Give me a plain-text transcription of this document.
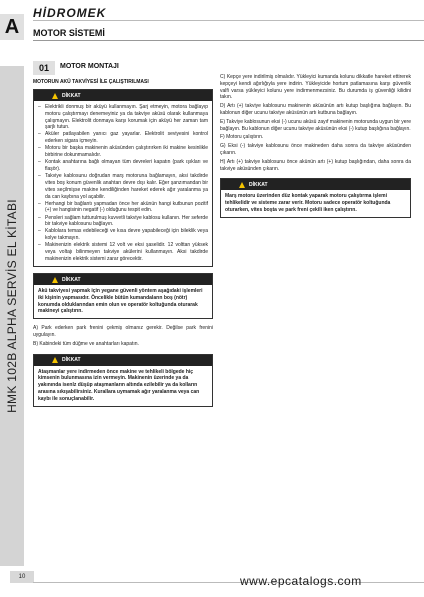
HİDROMEK
A	MOTOR SİSTEMİ
HMK 102B ALPHA SERVİS EL KİTABI
01	MOTOR MONTAJI
MOTORUN AKÜ TAKVİYESİ İLE ÇALIŞTIRILMASI
DİKKAT
– Elektrikli donmuş bir aküyü kullanmayın. Şarj etmeyin, motora bağlayıp motoru çalıştırmayı denemeyiniz ya da takviye aküsü olarak kullanmaya çalışmayın. Elektrolit donmaya karşı korumak için aküyü her zaman tam şarjlı tutun.
– Aküler patlayabilen yanıcı gaz yayarlar. Elektrolit seviyesini kontrol ederken sigara içmeyin.
– Motoru bir başka makinenin aküsünden çalıştırırken iki makine kesinlikle birbirine dokunmamalıdır.
– Kontak anahtarına bağlı olmayan tüm devreleri kapatın (park ışıkları ve flaşör).
– Takviye kablosunu doğrudan marş motoruna bağlamayın, aksi takdirde vites boş konum güvenlik anahtarı devre dışı kalır. Eğer şanzımandan bir vites seçilmişse makine kendiliğinden hareket ederek ağır yaralanma ya da can kaybına yol açabilir.
– Herhangi bir bağlantı yapmadan önce her akünün hangi kutbunun pozitif (+) ve hangisinin negatif (-) olduğunu tespit edin.
– Pensleri sağlam tutturulmuş kuvvetli takviye kablosu kullanın. Her seferde bir takviye kablosunu bağlayın.
– Kablolara temas edebileceği ve kısa devre yapabileceği için bileklik veya kolye takmayın.
– Makinenizin elektrik sistemi 12 volt ve eksi şaselidir. 12 volttan yüksek veya voltajı bilinmeyen takviye akülerini kullanmayın. Aksi takdirde makinenizin elektrik sistemi zarar görecektir.
DİKKAT
Akü takviyesi yapmak için yegane güvenli yöntem aşağıdaki işlemleri iki kişinin yapmasıdır. Öncelikle bütün kumandaların boş (nötr) konumda olduklarından emin olun ve operatör koltuğunda oturarak makineyi çalıştırın.
A) Park ederken park frenini çekmiş olmanız gerekir. Değilse park frenini uygulayın.
B) Kabindeki tüm düğme ve anahtarları kapatın.
DİKKAT
Ataşmanlar yere indirmeden önce makine ve tehlikeli bölgede hiç kimsenin bulunmasına izin vermeyin. Makinenin üzerinde ya da yakınında isenlz düşüp ataşmanların altında ezilebilir ya da kolların arasına sıkışabilirsiniz. Kurallara uymamak ağır yaralanma veya can kaybı ile sonuçlanabilir.
C) Kepçe yere indirilmiş olmalıdır. Yükleyici kumanda kolunu dikkatle hareket ettirerek kepçeyi kendi ağırlığıyla yere indirin. Yükleyicide hortum patlamasına karşı güvenlik valfi varsa yükleyici kolunu yere indirmenmezsiniz. Bu durumda iş güvenliği kilidini takın.
D) Artı (+) takviye kablosunu makinenin aküsünün artı kutup başlığına bağlayın. Bu kablonun diğer ucunu takviye aküsünün artı kutbuna bağlayın.
E) Takviye kablosunun eksi (-) ucunu aküsü zayıf makinenin motorunda uygun bir yere bağlayın. Bu kablonun diğer ucunu takviye aküsünün eksi (-) kutup başlığına bağlayın.
F) Motoru çalıştırın.
G) Eksi (-) takviye kablosunu önce makineden daha sonra da takviye aküsünden çıkarın.
H) Artı (+) takviye kablosunu önce akünün artı (+) kutup başlığından, daha sonra da takviye aküsünden çıkarın.
DİKKAT
Marş motoru üzerinden düz kontak yaparak motoru çalıştırma işlemi tehlikelidir ve sisteme zarar verir. Motoru sadece operatör koltuğunda oturarken, vites boşta ve park freni çekili iken çalıştırın.
10	www.epcatalogs.com
